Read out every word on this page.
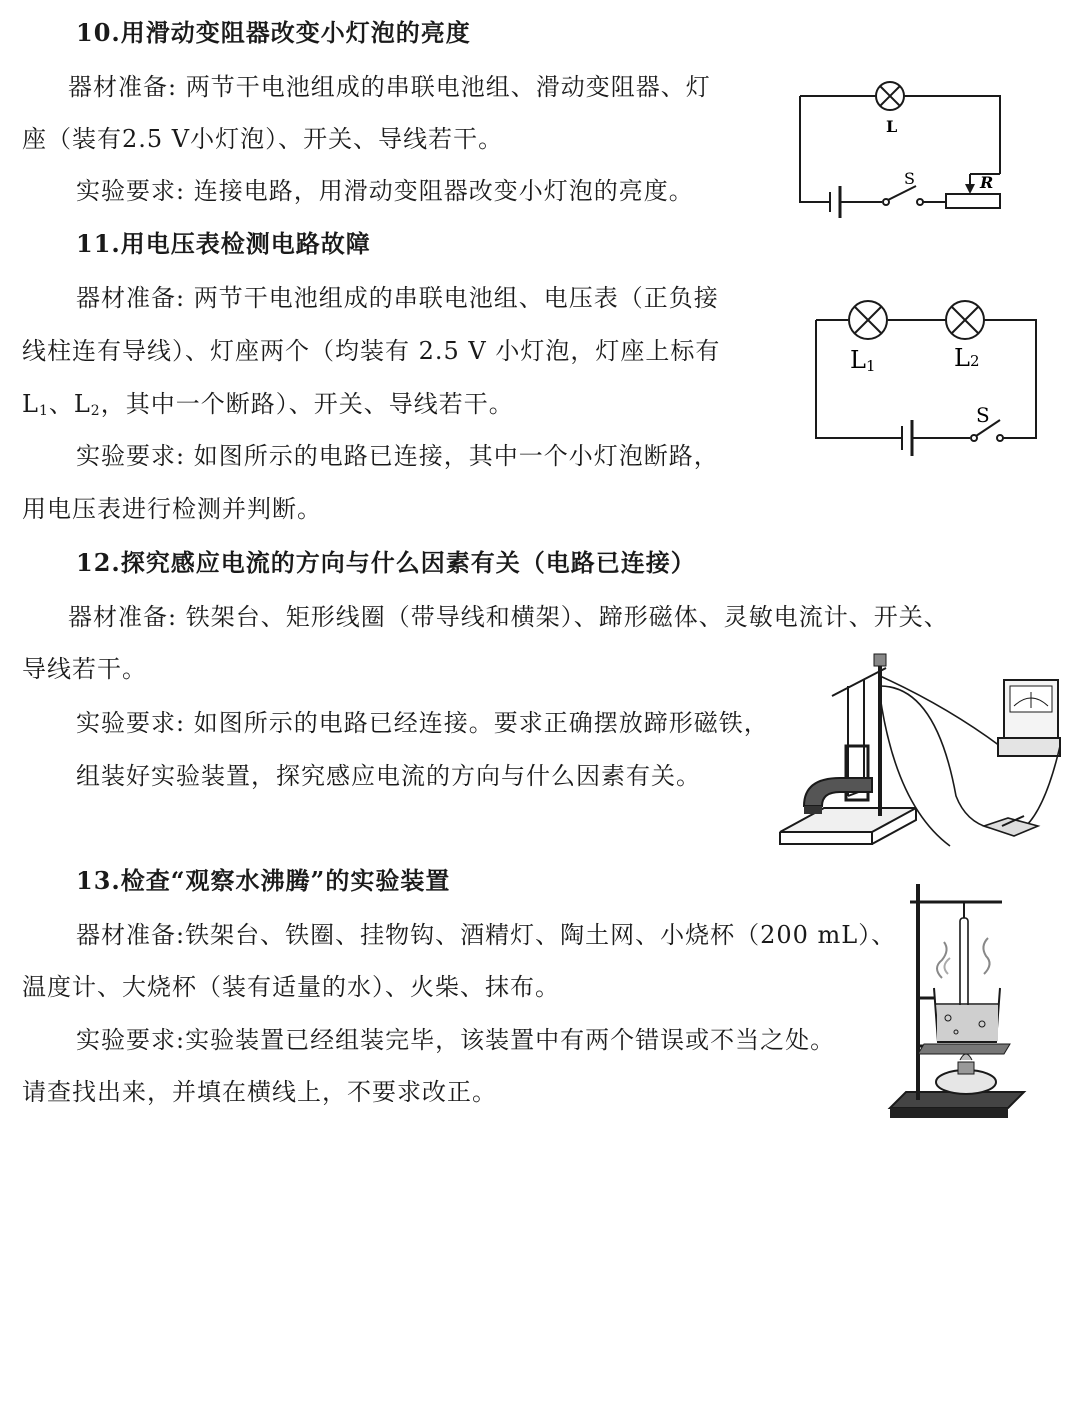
10.用滑动变阻器改变小灯泡的亮度
器材准备: 两节干电池组成的串联电池组、滑动变阻器、灯
座（装有2.5 V小灯泡）、开关、导线若干。
实验要求: 连接电路，用滑动变阻器改变小灯泡的亮度。
L
S	R
11.用电压表检测电路故障
器材准备: 两节干电池组成的串联电池组、电压表（正负接
线柱连有导线）、灯座两个（均装有 2.5 V 小灯泡，灯座上标有
$L_1$、$L_2$，其中一个断路）、开关、导线若干。
实验要求: 如图所示的电路已连接，其中一个小灯泡断路，
用电压表进行检测并判断。
L1	L2
S
12.探究感应电流的方向与什么因素有关（电路已连接）
器材准备: 铁架台、矩形线圈（带导线和横架）、蹄形磁体、灵敏电流计、开关、
导线若干。
实验要求: 如图所示的电路已经连接。要求正确摆放蹄形磁铁，
组装好实验装置，探究感应电流的方向与什么因素有关。
13.检查“观察水沸腾”的实验装置
器材准备:铁架台、铁圈、挂物钩、酒精灯、陶土网、小烧杯（200 mL）、
温度计、大烧杯（装有适量的水）、火柴、抹布。
实验要求:实验装置已经组装完毕，该装置中有两个错误或不当之处。
请查找出来，并填在横线上，不要求改正。
